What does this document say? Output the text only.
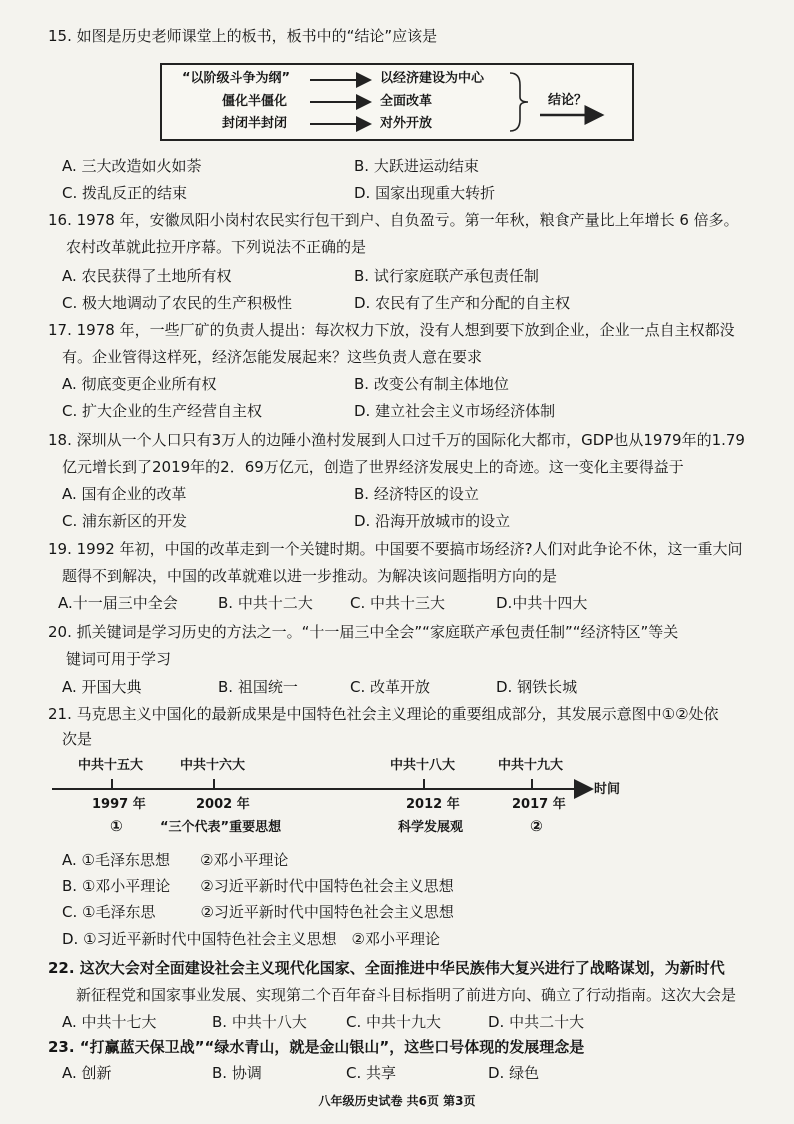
15. 如图是历史老师课堂上的板书，板书中的“结论”应该是
“以阶级斗争为纲”
僵化半僵化
封闭半封闭
以经济建设为中心
全面改革
对外开放
结论？
A. 三大改造如火如荼	B. 大跃进运动结束
C. 拨乱反正的结束	D. 国家出现重大转折
16. 1978 年，安徽凤阳小岗村农民实行包干到户、自负盈亏。第一年秋，粮食产量比上年增长 6 倍多。
农村改革就此拉开序幕。下列说法不正确的是
A. 农民获得了土地所有权	B. 试行家庭联产承包责任制
C. 极大地调动了农民的生产积极性	D. 农民有了生产和分配的自主权
17. 1978 年，一些厂矿的负责人提出：每次权力下放，没有人想到要下放到企业，企业一点自主权都没
有。企业管得这样死，经济怎能发展起来？这些负责人意在要求
A. 彻底变更企业所有权	B. 改变公有制主体地位
C. 扩大企业的生产经营自主权	D. 建立社会主义市场经济体制
18. 深圳从一个人口只有3万人的边陲小渔村发展到人口过千万的国际化大都市，GDP也从1979年的1.79
亿元增长到了2019年的2．69万亿元，创造了世界经济发展史上的奇迹。这一变化主要得益于
A. 国有企业的改革	B. 经济特区的设立
C. 浦东新区的开发	D. 沿海开放城市的设立
19. 1992 年初，中国的改革走到一个关键时期。中国要不要搞市场经济?人们对此争论不休，这一重大问
题得不到解决，中国的改革就难以进一步推动。为解决该问题指明方向的是
A.十一届三中全会	B. 中共十二大 C. 中共十三大	D.中共十四大
20. 抓关键词是学习历史的方法之一。“十一届三中全会”“家庭联产承包责任制”“经济特区”等关
键词可用于学习
A. 开国大典	B. 祖国统一	C. 改革开放	D. 钢铁长城
21. 马克思主义中国化的最新成果是中国特色社会主义理论的重要组成部分，其发展示意图中①②处依
次是
中共十五大	中共十六大	中共十八大	中共十九大
时间
1997 年	2002 年	2012 年	2017 年
①	“三个代表”重要思想	科学发展观	②
A. ①毛泽东思想　　②邓小平理论
B. ①邓小平理论　　②习近平新时代中国特色社会主义思想
C. ①毛泽东思　　　②习近平新时代中国特色社会主义思想
D. ①习近平新时代中国特色社会主义思想　②邓小平理论
22. 这次大会对全面建设社会主义现代化国家、全面推进中华民族伟大复兴进行了战略谋划，为新时代
新征程党和国家事业发展、实现第二个百年奋斗目标指明了前进方向、确立了行动指南。这次大会是
A. 中共十七大	B. 中共十八大	C. 中共十九大	D. 中共二十大
23. “打赢蓝天保卫战”“绿水青山，就是金山银山”，这些口号体现的发展理念是
A. 创新	B. 协调	C. 共享	D. 绿色
八年级历史试卷 共6页 第3页
